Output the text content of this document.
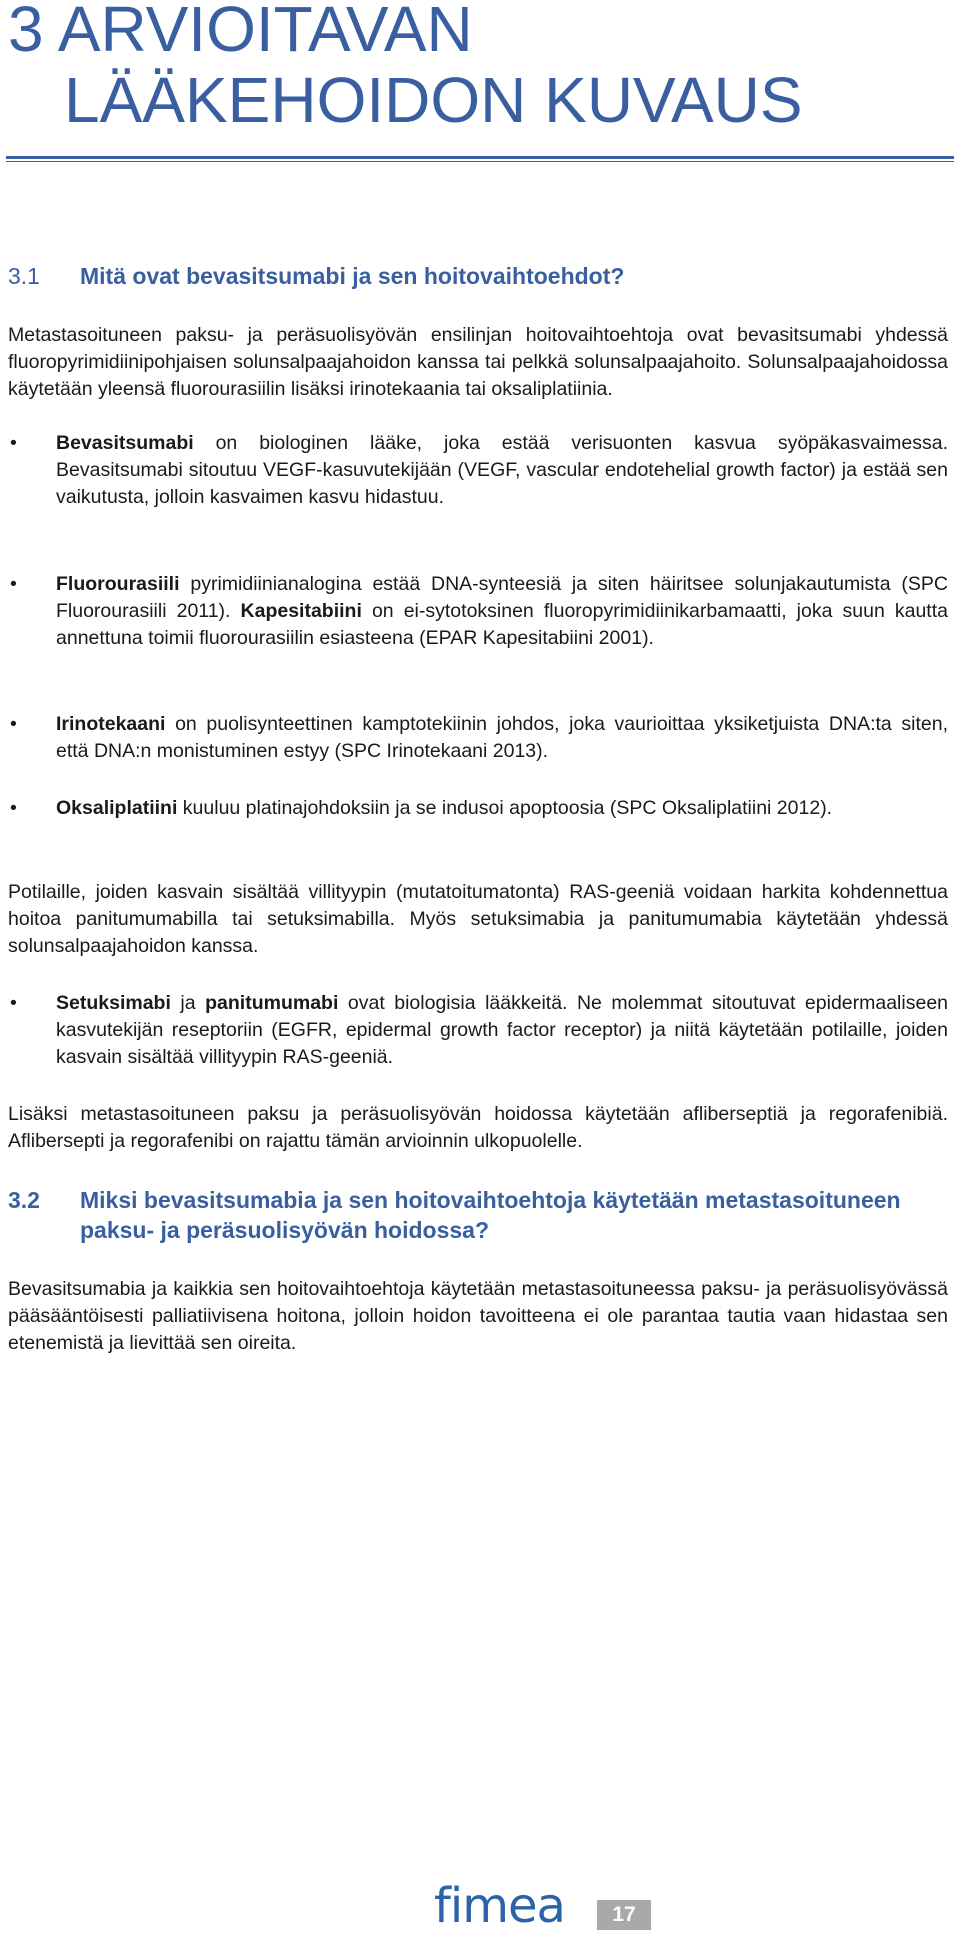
3 ARVIOITAVAN
LÄÄKEHOIDON KUVAUS
3.1	Mitä ovat bevasitsumabi ja sen hoitovaihtoehdot?

Metastasoituneen paksu- ja peräsuolisyövän ensilinjan hoitovaihtoehtoja ovat bevasitsumabi yhdessä fluoropyrimidiinipohjaisen solunsalpaajahoidon kanssa tai pelkkä solunsalpaajahoito. Solunsalpaajahoidossa käytetään yleensä fluorourasiilin lisäksi irinotekaania tai oksaliplatiinia.

•	Bevasitsumabi on biologinen lääke, joka estää verisuonten kasvua syöpäkasvaimessa. Bevasitsumabi sitoutuu VEGF-kasuvutekijään (VEGF, vascular endotehelial growth factor) ja estää sen vaikutusta, jolloin kasvaimen kasvu hidastuu.
•	Fluorourasiili pyrimidiinianalogina estää DNA-synteesiä ja siten häiritsee solunjakautumista (SPC Fluorourasiili 2011). Kapesitabiini on ei-sytotoksinen fluoropyrimidiinikarbamaatti, joka suun kautta annettuna toimii fluorourasiilin esiasteena (EPAR Kapesitabiini 2001).
•	Irinotekaani on puolisynteettinen kamptotekiinin johdos, joka vaurioittaa yksiketjuista DNA:ta siten, että DNA:n monistuminen estyy (SPC Irinotekaani 2013).
•	Oksaliplatiini kuuluu platinajohdoksiin ja se indusoi apoptoosia (SPC Oksaliplatiini 2012).

Potilaille, joiden kasvain sisältää villityypin (mutatoitumatonta) RAS-geeniä voidaan harkita kohdennettua hoitoa panitumumabilla tai setuksimabilla. Myös setuksimabia ja panitumumabia käytetään yhdessä solunsalpaajahoidon kanssa.

•	Setuksimabi ja panitumumabi ovat biologisia lääkkeitä. Ne molemmat sitoutuvat epidermaaliseen kasvutekijän reseptoriin (EGFR, epidermal growth factor receptor) ja niitä käytetään potilaille, joiden kasvain sisältää villityypin RAS-geeniä.

Lisäksi metastasoituneen paksu ja peräsuolisyövän hoidossa käytetään afliberseptiä ja regorafenibiä. Aflibersepti ja regorafenibi on rajattu tämän arvioinnin ulkopuolelle.

3.2	Miksi bevasitsumabia ja sen hoitovaihtoehtoja käytetään metastasoituneen paksu- ja peräsuolisyövän hoidossa?

Bevasitsumabia ja kaikkia sen hoitovaihtoehtoja käytetään metastasoituneessa paksu- ja peräsuolisyövässä pääsääntöisesti palliatiivisena hoitona, jolloin hoidon tavoitteena ei ole parantaa tautia vaan hidastaa sen etenemistä ja lievittää sen oireita.

fimea	17
